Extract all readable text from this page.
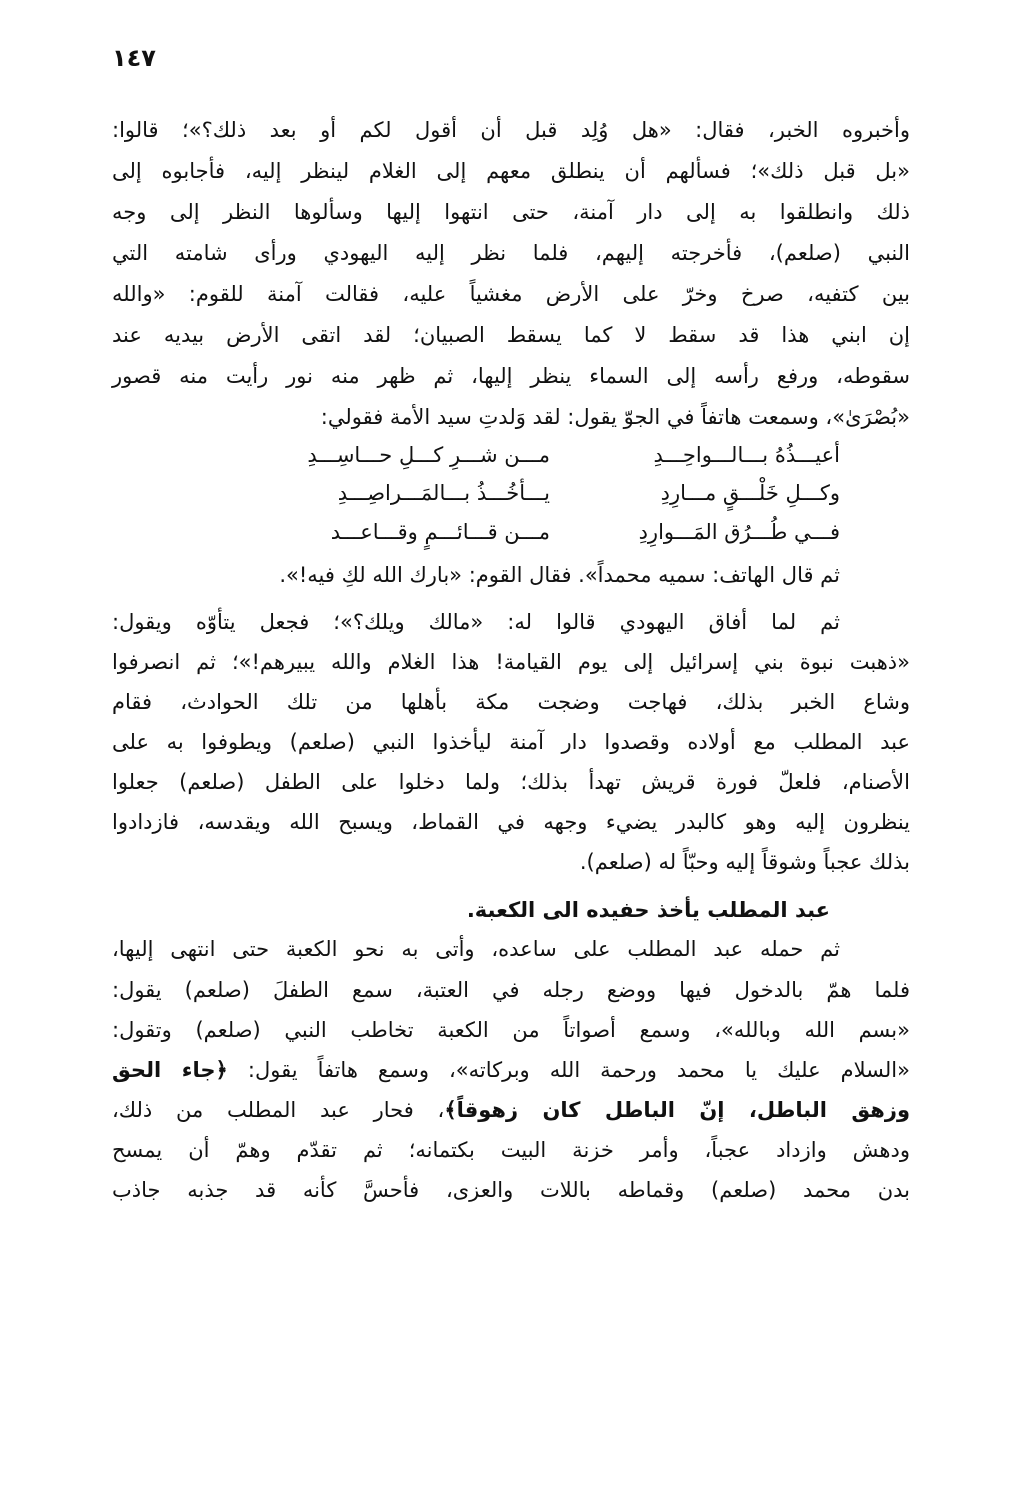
١٤٧
وأخبروه الخبر، فقال: «هل وُلِد قبل أن أقول لكم أو بعد ذلك؟»؛ قالوا:
«بل قبل ذلك»؛ فسألهم أن ينطلق معهم إلى الغلام لينظر إليه، فأجابوه إلى
ذلك وانطلقوا به إلى دار آمنة، حتى انتهوا إليها وسألوها النظر إلى وجه
النبي (صلعم)، فأخرجته إليهم، فلما نظر إليه اليهودي ورأى شامته التي
بين كتفيه، صرخ وخرّ على الأرض مغشياً عليه، فقالت آمنة للقوم: «والله
إن ابني هذا قد سقط لا كما يسقط الصبيان؛ لقد اتقى الأرض بيديه عند
سقوطه، ورفع رأسه إلى السماء ينظر إليها، ثم ظهر منه نور رأيت منه قصور
«بُصْرَىٰ»، وسمعت هاتفاً في الجوّ يقول: لقد وَلدتِ سيد الأمة فقولي:
أعيـــذُهُ بـــالـــواحِـــدِ
مـــن شـــرِ كـــلِ حـــاسِـــدِ
وكـــلِ خَلْـــقٍ مـــارِدِ
يـــأخُـــذُ بـــالمَـــراصِـــدِ
فـــي طُـــرُق المَـــوارِدِ
مـــن قـــائـــمٍ وقـــاعـــد
ثم قال الهاتف: سميه محمداً». فقال القوم: «بارك الله لكِ فيه!».
ثم لما أفاق اليهودي قالوا له: «مالك ويلك؟»؛ فجعل يتأوّه ويقول:
«ذهبت نبوة بني إسرائيل إلى يوم القيامة! هذا الغلام والله يبيرهم!»؛ ثم انصرفوا
وشاع الخبر بذلك، فهاجت وضجت مكة بأهلها من تلك الحوادث، فقام
عبد المطلب مع أولاده وقصدوا دار آمنة ليأخذوا النبي (صلعم) ويطوفوا به على
الأصنام، فلعلّ فورة قريش تهدأ بذلك؛ ولما دخلوا على الطفل (صلعم) جعلوا
ينظرون إليه وهو كالبدر يضيء وجهه في القماط، ويسبح الله ويقدسه، فازدادوا
بذلك عجباً وشوقاً إليه وحبّاً له (صلعم).
عبد المطلب يأخذ حفيده الى الكعبة.
ثم حمله عبد المطلب على ساعده، وأتى به نحو الكعبة حتى انتهى إليها،
فلما همّ بالدخول فيها ووضع رجله في العتبة، سمع الطفلَ (صلعم) يقول:
«بسم الله وبالله»، وسمع أصواتاً من الكعبة تخاطب النبي (صلعم) وتقول:
«السلام عليك يا محمد ورحمة الله وبركاته»، وسمع هاتفاً يقول: ﴿جاء الحق
وزهق الباطل، إنّ الباطل كان زهوقاً﴾، فحار عبد المطلب من ذلك،
ودهش وازداد عجباً، وأمر خزنة البيت بكتمانه؛ ثم تقدّم وهمّ أن يمسح
بدن محمد (صلعم) وقماطه باللات والعزى، فأحسَّ كأنه قد جذبه جاذب
